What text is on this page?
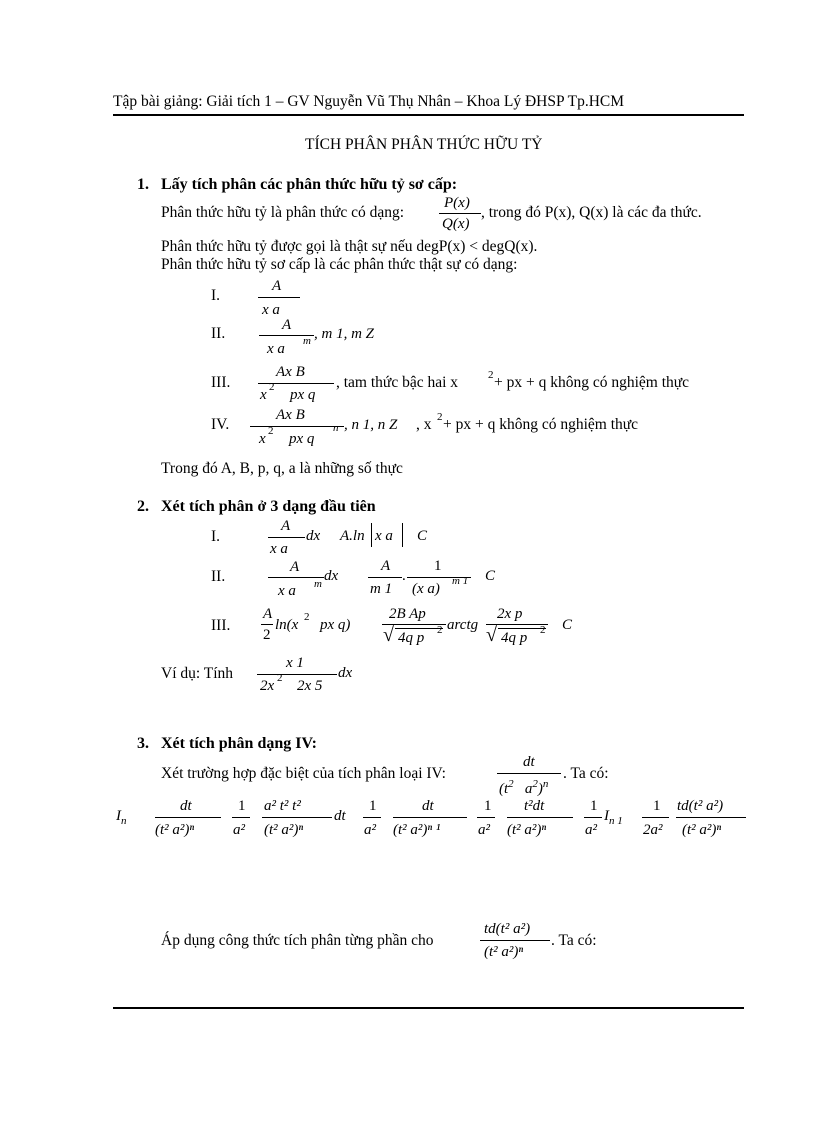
Tập bài giảng: Giải tích 1 – GV Nguyễn Vũ Thụ Nhân – Khoa Lý ĐHSP Tp.HCM
TÍCH PHÂN PHÂN THỨC HỮU TỶ
1. Lấy tích phân các phân thức hữu tỷ sơ cấp:
Phân thức hữu tỷ là phân thức có dạng:
P(x)
Q(x)
, trong đó P(x), Q(x) là các đa thức.
Phân thức hữu tỷ được gọi là thật sự nếu degP(x) < degQ(x).
Phân thức hữu tỷ sơ cấp là các phân thức thật sự có dạng:
I.
A
x a
II.	A
x a m , m 1, m Z
III.
Ax B
x 2 px q
, tam thức bậc hai x	2 + px + q không có nghiệm thực
IV.
Ax B
x 2 px q
n , n 1, n Z , x 2 + px + q không có nghiệm thực
Trong đó A, B, p, q, a là những số thực
2. Xét tích phân ở 3 dạng đầu tiên
I.
A
x a
dx A.ln x a C
II.
A
x a m dx
A
m 1
.
1
(x a) m 1 C
III.
A
2
ln(x 2 px q)
2B Ap
√ 4q p 2 arctg
2x p
√ 4q p 2 C
Ví dụ: Tính
x 1
2x 2 2x 5
dx
3. Xét tích phân dạng IV:
Xét trường hợp đặc biệt của tích phân loại IV:
dt
($t^2$ $a^2)^n$
. Ta có:
$I_n$
dt
(t² a²)ⁿ
1
a²
a² t² t²
(t² a²)ⁿ
dt
1
a²
dt
(t² a²)ⁿ ¹
1
a²
t²dt
(t² a²)ⁿ
1
a²
$I_{n 1}$
1
2a²
td(t² a²)
(t² a²)ⁿ
Áp dụng công thức tích phân từng phần cho
td(t² a²)
(t² a²)ⁿ
. Ta có:
